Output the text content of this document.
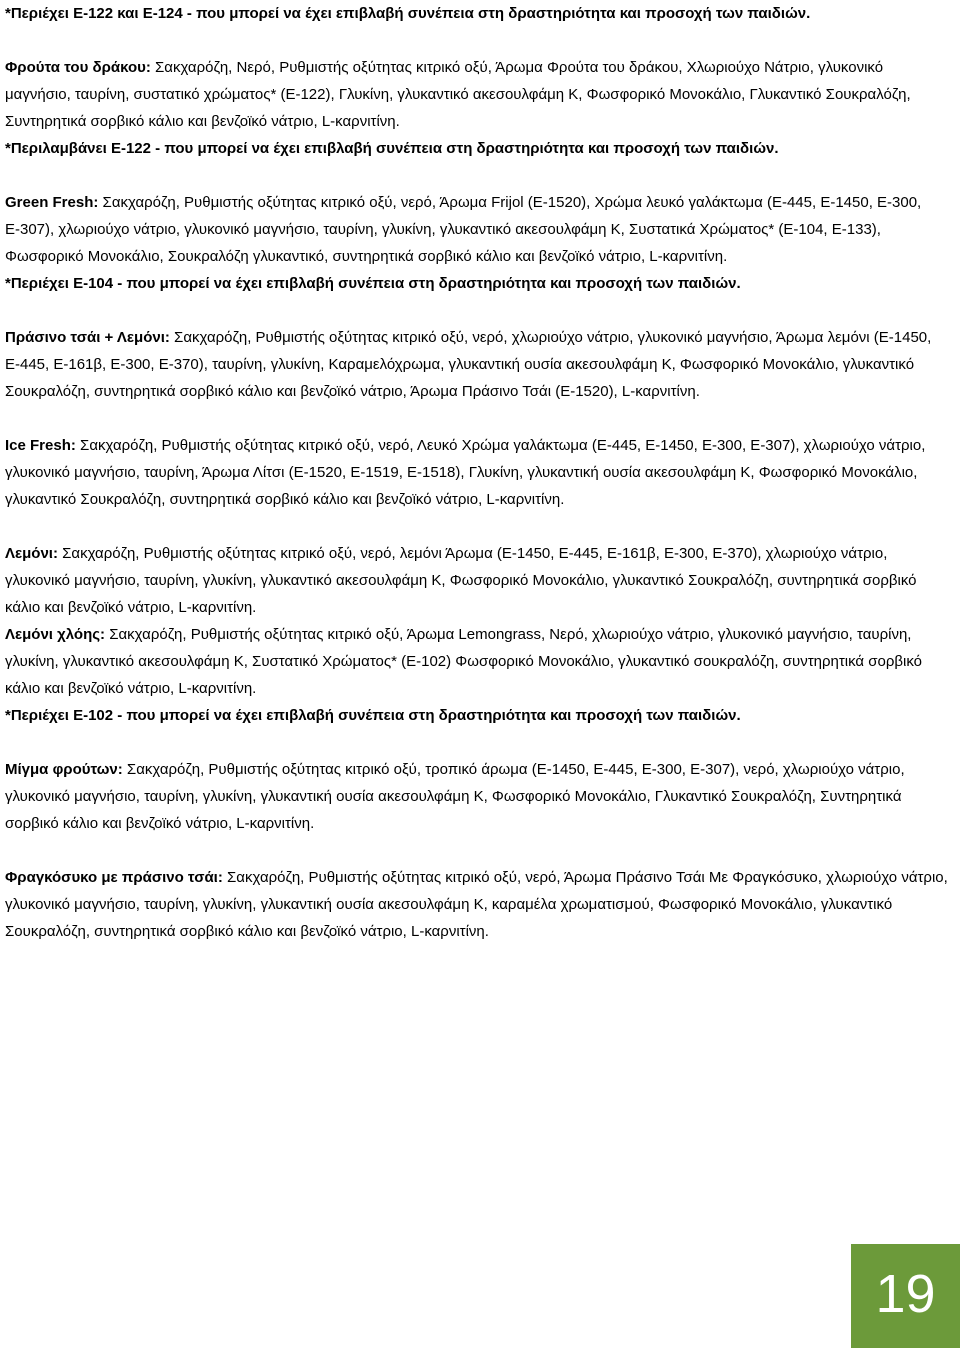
*Περιέχει Ε-122 και Ε-124 - που μπορεί να έχει επιβλαβή συνέπεια στη δραστηριότητα και προσοχή των παιδιών.

Φρούτα του δράκου: Σακχαρόζη, Νερό, Ρυθμιστής οξύτητας κιτρικό οξύ, Άρωμα Φρούτα του δράκου, Χλωριούχο Νάτριο, γλυκονικό μαγνήσιο, ταυρίνη, συστατικό χρώματος* (E-122), Γλυκίνη, γλυκαντικό ακεσουλφάμη Κ, Φωσφορικό Μονοκάλιο, Γλυκαντικό Σουκραλόζη, Συντηρητικά σορβικό κάλιο και βενζοϊκό νάτριο, L-καρνιτίνη.

*Περιλαμβάνει E-122 - που μπορεί να έχει επιβλαβή συνέπεια στη δραστηριότητα και προσοχή των παιδιών.

Green Fresh: Σακχαρόζη, Ρυθμιστής οξύτητας κιτρικό οξύ, νερό, Άρωμα Frijol (Ε-1520), Χρώμα λευκό γαλάκτωμα (Ε-445, Ε-1450, Ε-300, Ε-307), χλωριούχο νάτριο, γλυκονικό μαγνήσιο, ταυρίνη, γλυκίνη, γλυκαντικό ακεσουλφάμη Κ, Συστατικά Χρώματος* (Ε-104, Ε-133), Φωσφορικό Μονοκάλιο, Σουκραλόζη γλυκαντικό, συντηρητικά σορβικό κάλιο και βενζοϊκό νάτριο, L-καρνιτίνη.

*Περιέχει Ε-104 - που μπορεί να έχει επιβλαβή συνέπεια στη δραστηριότητα και προσοχή των παιδιών.

Πράσινο τσάι + Λεμόνι: Σακχαρόζη, Ρυθμιστής οξύτητας κιτρικό οξύ, νερό, χλωριούχο νάτριο, γλυκονικό μαγνήσιο, Άρωμα λεμόνι (Ε-1450, Ε-445, Ε-161β, Ε-300, Ε-370), ταυρίνη, γλυκίνη, Καραμελόχρωμα, γλυκαντική ουσία ακεσουλφάμη Κ, Φωσφορικό Μονοκάλιο, γλυκαντικό Σουκραλόζη, συντηρητικά σορβικό κάλιο και βενζοϊκό νάτριο, Άρωμα Πράσινο Τσάι (Ε-1520), L-καρνιτίνη.

Ice Fresh: Σακχαρόζη, Ρυθμιστής οξύτητας κιτρικό οξύ, νερό, Λευκό Χρώμα γαλάκτωμα (Ε-445, Ε-1450, Ε-300, Ε-307), χλωριούχο νάτριο, γλυκονικό μαγνήσιο, ταυρίνη, Άρωμα Λίτσι (Ε-1520, Ε-1519, Ε-1518), Γλυκίνη, γλυκαντική ουσία ακεσουλφάμη Κ, Φωσφορικό Μονοκάλιο, γλυκαντικό Σουκραλόζη, συντηρητικά σορβικό κάλιο και βενζοϊκό νάτριο, L-καρνιτίνη.

Λεμόνι: Σακχαρόζη, Ρυθμιστής οξύτητας κιτρικό οξύ, νερό, λεμόνι Άρωμα (Ε-1450, Ε-445, Ε-161β, Ε-300, Ε-370), χλωριούχο νάτριο, γλυκονικό μαγνήσιο, ταυρίνη, γλυκίνη, γλυκαντικό ακεσουλφάμη Κ, Φωσφορικό Μονοκάλιο, γλυκαντικό Σουκραλόζη, συντηρητικά σορβικό κάλιο και βενζοϊκό νάτριο, L-καρνιτίνη.

Λεμόνι χλόης: Σακχαρόζη, Ρυθμιστής οξύτητας κιτρικό οξύ, Άρωμα Lemongrass, Νερό, χλωριούχο νάτριο, γλυκονικό μαγνήσιο, ταυρίνη, γλυκίνη, γλυκαντικό ακεσουλφάμη Κ, Συστατικό Χρώματος* (Ε-102) Φωσφορικό Μονοκάλιο, γλυκαντικό σουκραλόζη, συντηρητικά σορβικό κάλιο και βενζοϊκό νάτριο, L-καρνιτίνη.

*Περιέχει Ε-102 - που μπορεί να έχει επιβλαβή συνέπεια στη δραστηριότητα και προσοχή των παιδιών.

Μίγμα φρούτων: Σακχαρόζη, Ρυθμιστής οξύτητας κιτρικό οξύ, τροπικό άρωμα (Ε-1450, Ε-445, Ε-300, Ε-307), νερό, χλωριούχο νάτριο, γλυκονικό μαγνήσιο, ταυρίνη, γλυκίνη, γλυκαντική ουσία ακεσουλφάμη Κ, Φωσφορικό Μονοκάλιο, Γλυκαντικό Σουκραλόζη, Συντηρητικά σορβικό κάλιο και βενζοϊκό νάτριο, L-καρνιτίνη.

Φραγκόσυκο με πράσινο τσάι: Σακχαρόζη, Ρυθμιστής οξύτητας κιτρικό οξύ, νερό, Άρωμα Πράσινο Τσάι Με Φραγκόσυκο, χλωριούχο νάτριο, γλυκονικό μαγνήσιο, ταυρίνη, γλυκίνη, γλυκαντική ουσία ακεσουλφάμη Κ, καραμέλα χρωματισμού, Φωσφορικό Μονοκάλιο, γλυκαντικό Σουκραλόζη, συντηρητικά σορβικό κάλιο και βενζοϊκό νάτριο, L-καρνιτίνη.

19
